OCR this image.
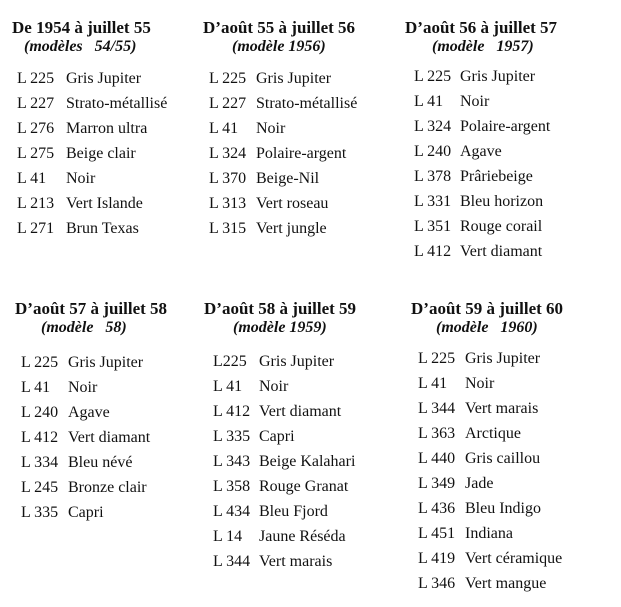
De 1954 à juillet 55
(modèles   54/55)
L 225 Gris Jupiter
L 227 Strato-métallisé
L 276 Marron ultra
L 275 Beige clair
L 41 Noir
L 213 Vert Islande
L 271 Brun Texas
D’août 55 à juillet 56
(modèle 1956)
L 225 Gris Jupiter
L 227 Strato-métallisé
L 41 Noir
L 324 Polaire-argent
L 370 Beige-Nil
L 313 Vert roseau
L 315 Vert jungle
D’août 56 à juillet 57
(modèle   1957)
L 225 Gris Jupiter
L 41 Noir
L 324 Polaire-argent
L 240 Agave
L 378 Prâriebeige
L 331 Bleu horizon
L 351 Rouge corail
L 412 Vert diamant
D’août 57 à juillet 58
(modèle   58)
L 225 Gris Jupiter
L 41 Noir
L 240 Agave
L 412 Vert diamant
L 334 Bleu névé
L 245 Bronze clair
L 335 Capri
D’août 58 à juillet 59
(modèle 1959)
L225 Gris Jupiter
L 41 Noir
L 412 Vert diamant
L 335 Capri
L 343 Beige Kalahari
L 358 Rouge Granat
L 434 Bleu Fjord
L 14 Jaune Réséda
L 344 Vert marais
D’août 59 à juillet 60
(modèle   1960)
L 225 Gris Jupiter
L 41 Noir
L 344 Vert marais
L 363 Arctique
L 440 Gris caillou
L 349 Jade
L 436 Bleu Indigo
L 451 Indiana
L 419 Vert céramique
L 346 Vert mangue
